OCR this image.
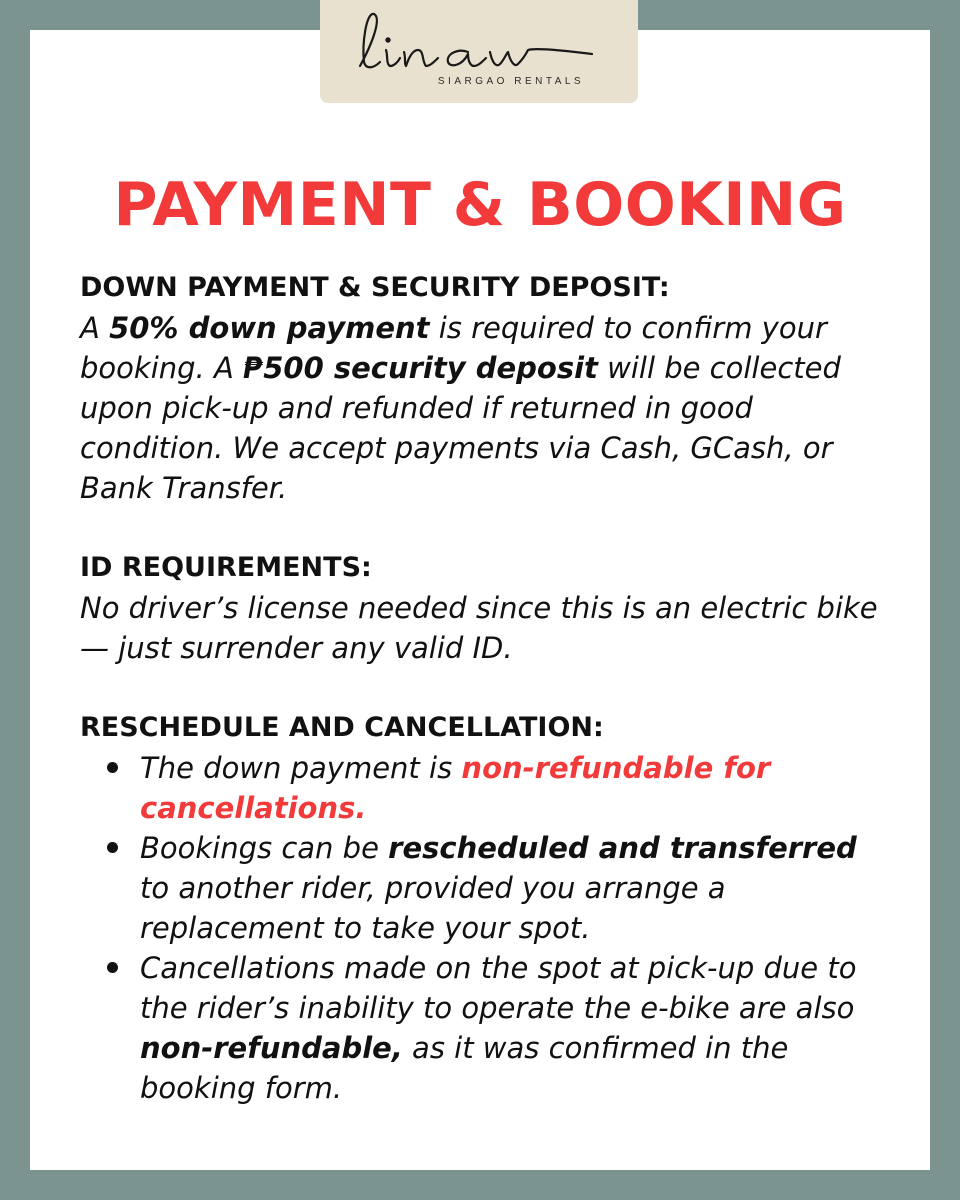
SIARGAO RENTALS
PAYMENT & BOOKING

DOWN PAYMENT & SECURITY DEPOSIT:

A 50% down payment is required to confirm your booking. A ₱500 security deposit will be collected upon pick-up and refunded if returned in good condition. We accept payments via Cash, GCash, or Bank Transfer.

ID REQUIREMENTS:

No driver’s license needed since this is an electric bike — just surrender any valid ID.

RESCHEDULE AND CANCELLATION:

The down payment is non-refundable for cancellations.
Bookings can be rescheduled and transferred to another rider, provided you arrange a replacement to take your spot.
Cancellations made on the spot at pick-up due to the rider’s inability to operate the e-bike are also non-refundable, as it was confirmed in the booking form.
